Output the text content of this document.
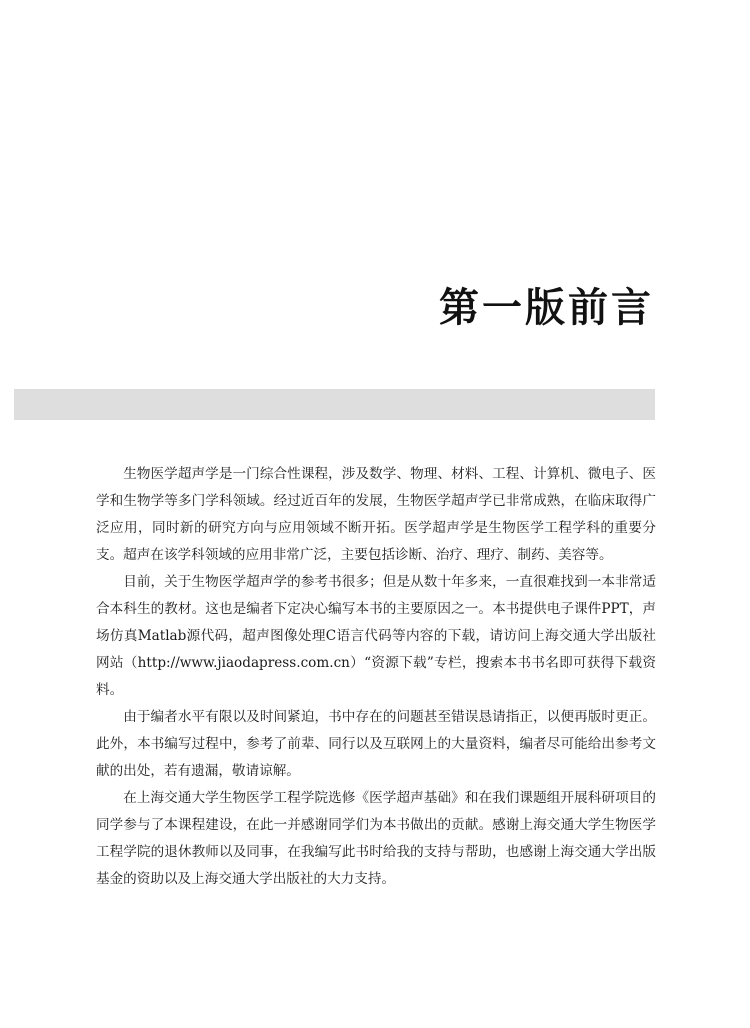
第一版前言

生物医学超声学是一门综合性课程，涉及数学、物理、材料、工程、计算机、微电子、医学和生物学等多门学科领域。经过近百年的发展，生物医学超声学已非常成熟，在临床取得广泛应用，同时新的研究方向与应用领域不断开拓。医学超声学是生物医学工程学科的重要分支。超声在该学科领域的应用非常广泛，主要包括诊断、治疗、理疗、制药、美容等。

目前，关于生物医学超声学的参考书很多；但是从数十年多来，一直很难找到一本非常适合本科生的教材。这也是编者下定决心编写本书的主要原因之一。本书提供电子课件PPT，声场仿真Matlab源代码，超声图像处理C语言代码等内容的下载，请访问上海交通大学出版社网站（http://www.jiaodapress.com.cn）“资源下载”专栏，搜索本书书名即可获得下载资料。

由于编者水平有限以及时间紧迫，书中存在的问题甚至错误恳请指正，以便再版时更正。此外，本书编写过程中，参考了前辈、同行以及互联网上的大量资料，编者尽可能给出参考文献的出处，若有遗漏，敬请谅解。

在上海交通大学生物医学工程学院选修《医学超声基础》和在我们课题组开展科研项目的同学参与了本课程建设，在此一并感谢同学们为本书做出的贡献。感谢上海交通大学生物医学工程学院的退休教师以及同事，在我编写此书时给我的支持与帮助，也感谢上海交通大学出版基金的资助以及上海交通大学出版社的大力支持。
